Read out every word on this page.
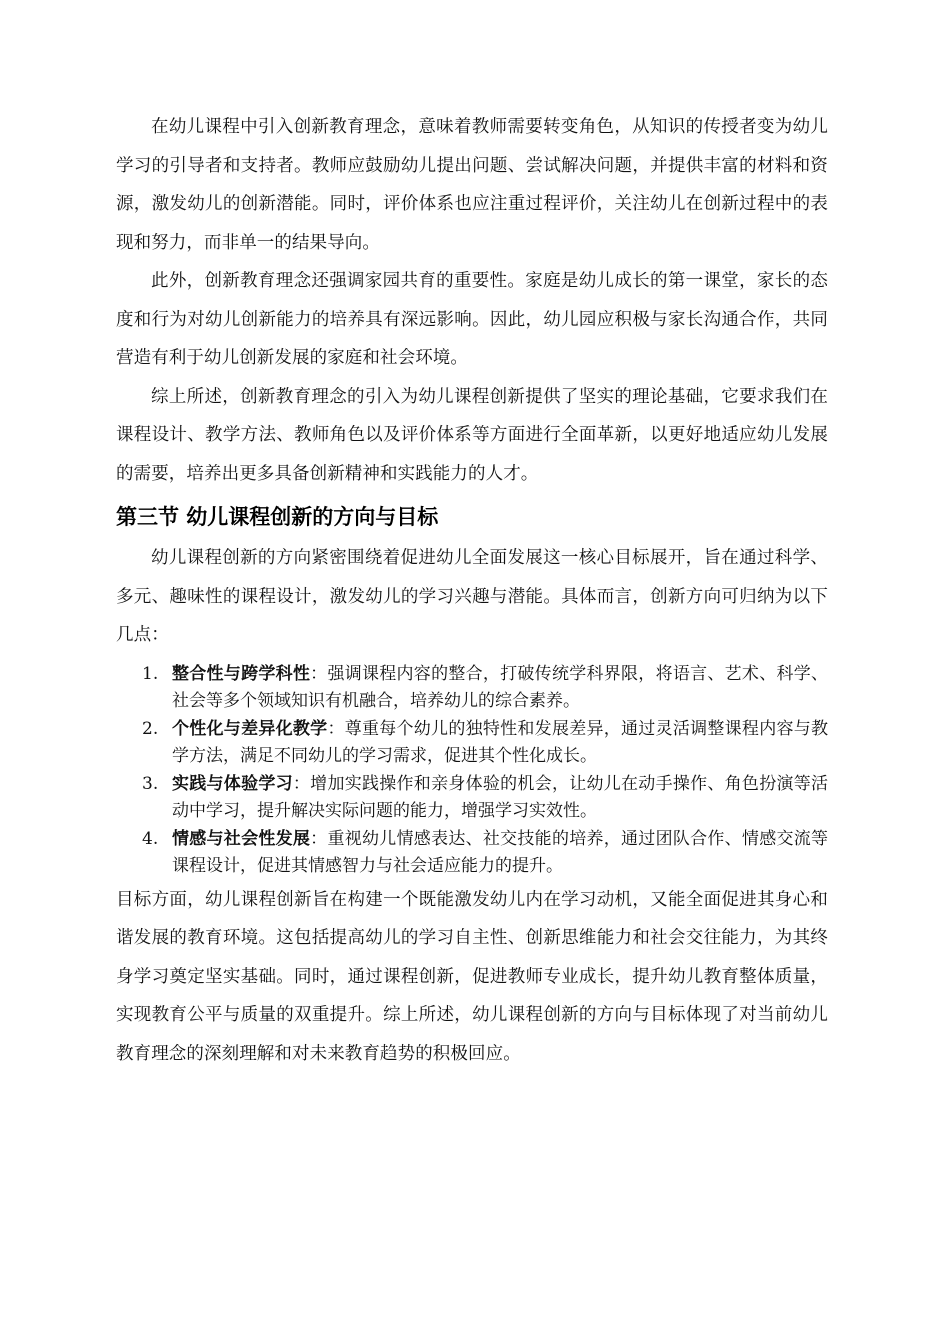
在幼儿课程中引入创新教育理念，意味着教师需要转变角色，从知识的传授者变为幼儿学习的引导者和支持者。教师应鼓励幼儿提出问题、尝试解决问题，并提供丰富的材料和资源，激发幼儿的创新潜能。同时，评价体系也应注重过程评价，关注幼儿在创新过程中的表现和努力，而非单一的结果导向。

此外，创新教育理念还强调家园共育的重要性。家庭是幼儿成长的第一课堂，家长的态度和行为对幼儿创新能力的培养具有深远影响。因此，幼儿园应积极与家长沟通合作，共同营造有利于幼儿创新发展的家庭和社会环境。

综上所述，创新教育理念的引入为幼儿课程创新提供了坚实的理论基础，它要求我们在课程设计、教学方法、教师角色以及评价体系等方面进行全面革新，以更好地适应幼儿发展的需要，培养出更多具备创新精神和实践能力的人才。

第三节 幼儿课程创新的方向与目标

幼儿课程创新的方向紧密围绕着促进幼儿全面发展这一核心目标展开，旨在通过科学、多元、趣味性的课程设计，激发幼儿的学习兴趣与潜能。具体而言，创新方向可归纳为以下几点：

1. 整合性与跨学科性：强调课程内容的整合，打破传统学科界限，将语言、艺术、科学、社会等多个领域知识有机融合，培养幼儿的综合素养。
2. 个性化与差异化教学：尊重每个幼儿的独特性和发展差异，通过灵活调整课程内容与教学方法，满足不同幼儿的学习需求，促进其个性化成长。
3. 实践与体验学习：增加实践操作和亲身体验的机会，让幼儿在动手操作、角色扮演等活动中学习，提升解决实际问题的能力，增强学习实效性。
4. 情感与社会性发展：重视幼儿情感表达、社交技能的培养，通过团队合作、情感交流等课程设计，促进其情感智力与社会适应能力的提升。

目标方面，幼儿课程创新旨在构建一个既能激发幼儿内在学习动机，又能全面促进其身心和谐发展的教育环境。这包括提高幼儿的学习自主性、创新思维能力和社会交往能力，为其终身学习奠定坚实基础。同时，通过课程创新，促进教师专业成长，提升幼儿教育整体质量，实现教育公平与质量的双重提升。综上所述，幼儿课程创新的方向与目标体现了对当前幼儿教育理念的深刻理解和对未来教育趋势的积极回应。
